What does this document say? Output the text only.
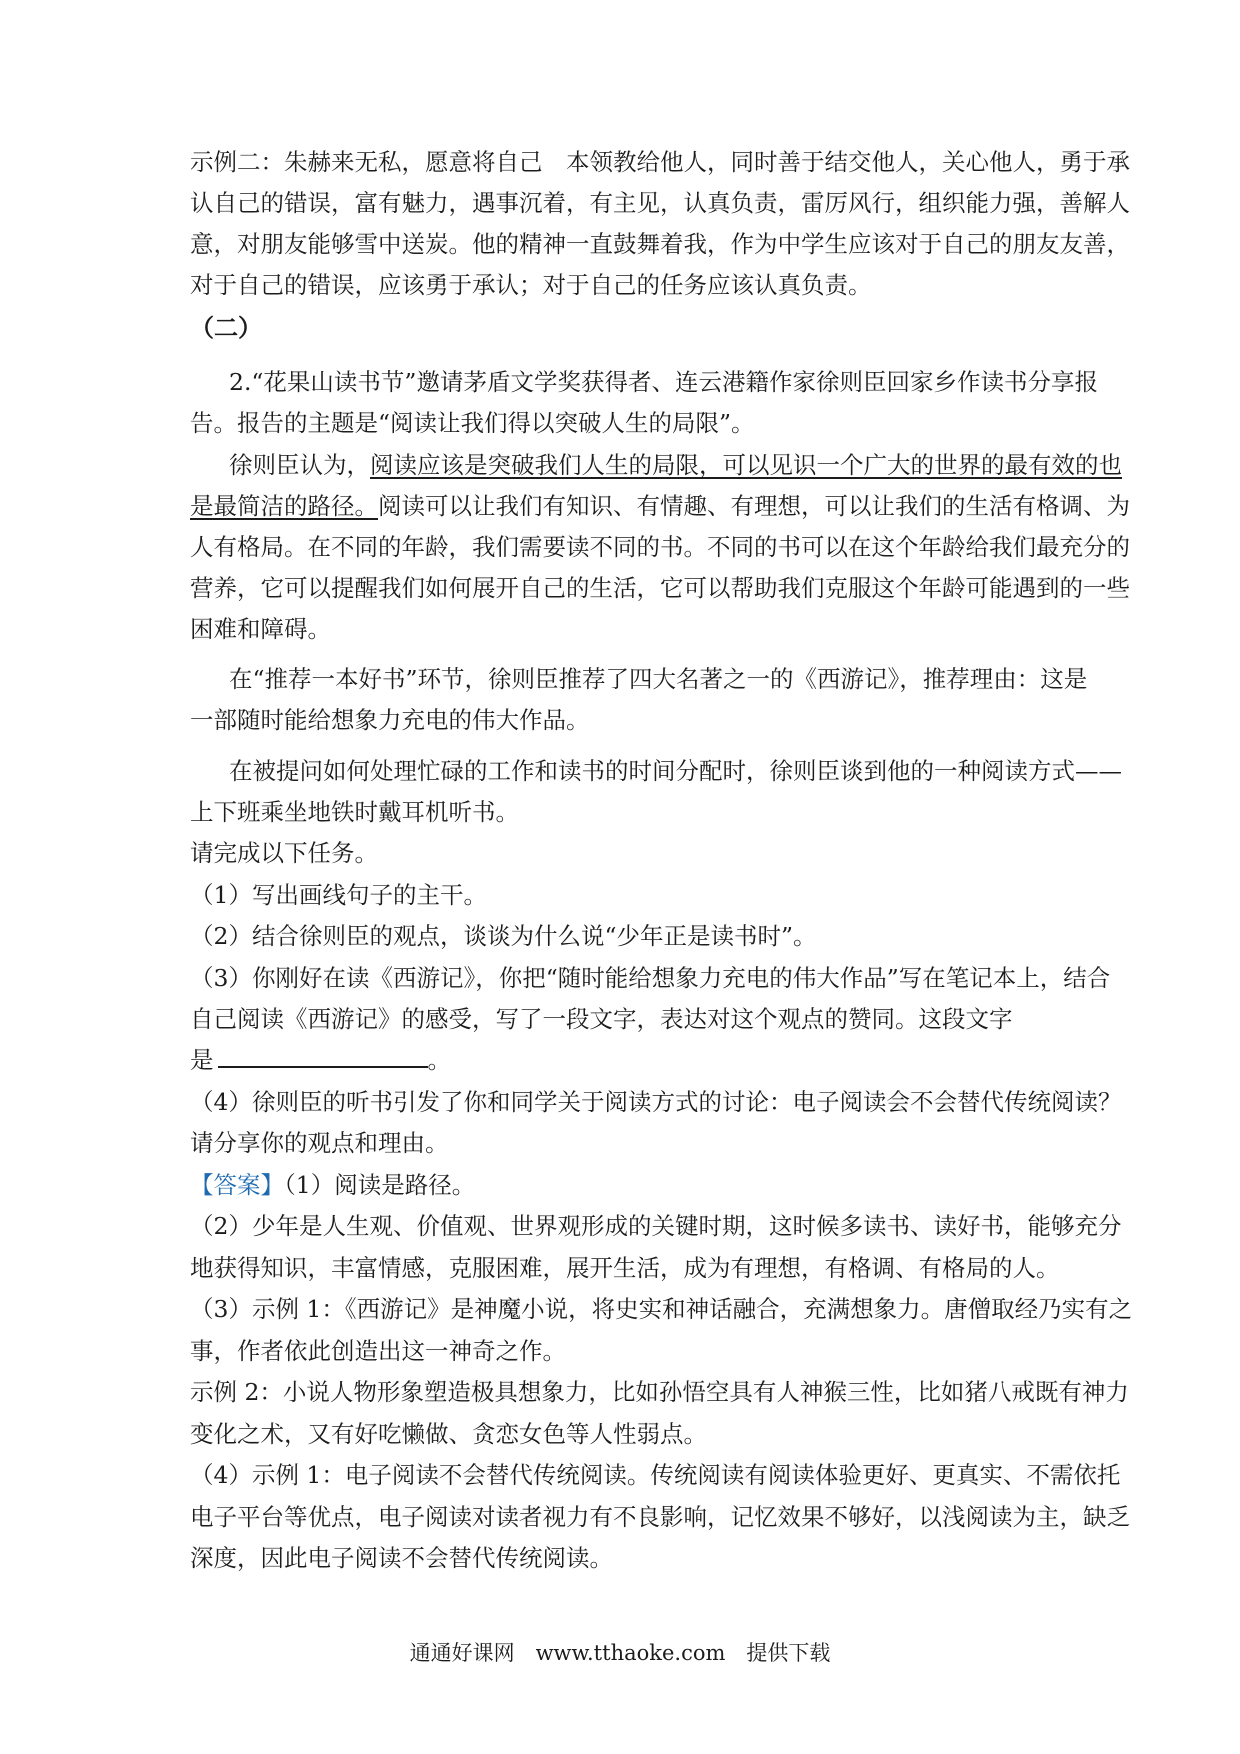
示例二：朱赫来无私，愿意将自己　本领教给他人，同时善于结交他人，关心他人，勇于承
认自己的错误，富有魅力，遇事沉着，有主见，认真负责，雷厉风行，组织能力强，善解人
意，对朋友能够雪中送炭。他的精神一直鼓舞着我，作为中学生应该对于自己的朋友友善，
对于自己的错误，应该勇于承认；对于自己的任务应该认真负责。
（二）
2.“花果山读书节”邀请茅盾文学奖获得者、连云港籍作家徐则臣回家乡作读书分享报
告。报告的主题是“阅读让我们得以突破人生的局限”。
徐则臣认为，阅读应该是突破我们人生的局限，可以见识一个广大的世界的最有效的也
是最简洁的路径。阅读可以让我们有知识、有情趣、有理想，可以让我们的生活有格调、为
人有格局。在不同的年龄，我们需要读不同的书。不同的书可以在这个年龄给我们最充分的
营养，它可以提醒我们如何展开自己的生活，它可以帮助我们克服这个年龄可能遇到的一些
困难和障碍。
在“推荐一本好书”环节，徐则臣推荐了四大名著之一的《西游记》，推荐理由：这是
一部随时能给想象力充电的伟大作品。
在被提问如何处理忙碌的工作和读书的时间分配时，徐则臣谈到他的一种阅读方式——
上下班乘坐地铁时戴耳机听书。
请完成以下任务。
（1）写出画线句子的主干。
（2）结合徐则臣的观点，谈谈为什么说“少年正是读书时”。
（3）你刚好在读《西游记》，你把“随时能给想象力充电的伟大作品”写在笔记本上，结合
自己阅读《西游记》的感受，写了一段文字，表达对这个观点的赞同。这段文字
是	。
（4）徐则臣的听书引发了你和同学关于阅读方式的讨论：电子阅读会不会替代传统阅读？
请分享你的观点和理由。
【答案】（1）阅读是路径。
（2）少年是人生观、价值观、世界观形成的关键时期，这时候多读书、读好书，能够充分
地获得知识，丰富情感，克服困难，展开生活，成为有理想，有格调、有格局的人。
（3）示例 1：《西游记》是神魔小说，将史实和神话融合，充满想象力。唐僧取经乃实有之
事，作者依此创造出这一神奇之作。
示例 2：小说人物形象塑造极具想象力，比如孙悟空具有人神猴三性，比如猪八戒既有神力
变化之术，又有好吃懒做、贪恋女色等人性弱点。
（4）示例 1：电子阅读不会替代传统阅读。传统阅读有阅读体验更好、更真实、不需依托
电子平台等优点，电子阅读对读者视力有不良影响，记忆效果不够好，以浅阅读为主，缺乏
深度，因此电子阅读不会替代传统阅读。
通通好课网　www.tthaoke.com　提供下载
